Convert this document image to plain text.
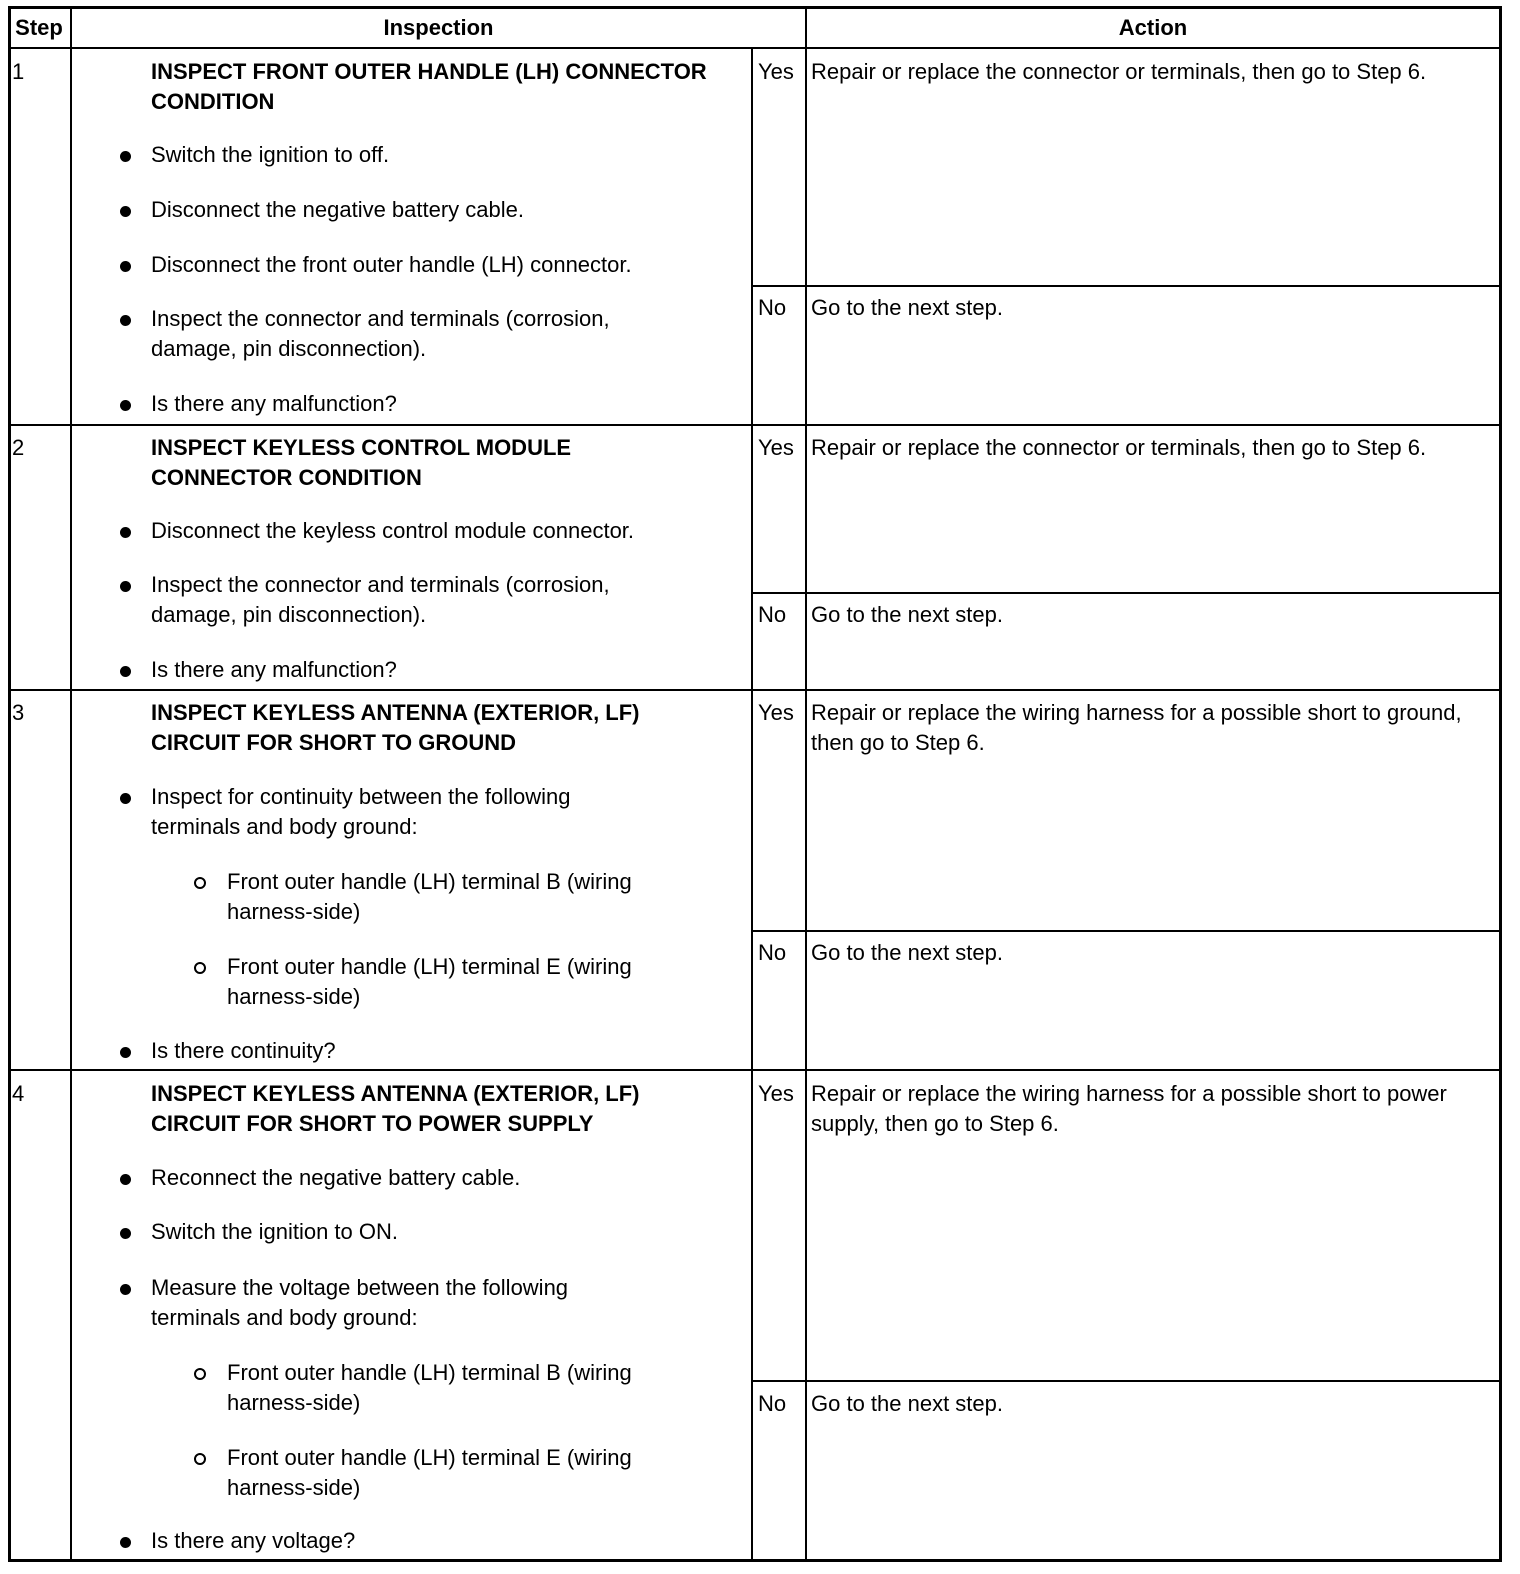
Step	Inspection	Action
1	INSPECT FRONT OUTER HANDLE (LH) CONNECTOR CONDITION
Switch the ignition to off.
Disconnect the negative battery cable.
Disconnect the front outer handle (LH) connector.
Inspect the connector and terminals (corrosion, damage, pin disconnection).
Is there any malfunction?
Yes Repair or replace the connector or terminals, then go to Step 6.
No Go to the next step.
2	INSPECT KEYLESS CONTROL MODULE CONNECTOR CONDITION
Disconnect the keyless control module connector.
Inspect the connector and terminals (corrosion, damage, pin disconnection).
Is there any malfunction?
Yes Repair or replace the connector or terminals, then go to Step 6.
No Go to the next step.
3	INSPECT KEYLESS ANTENNA (EXTERIOR, LF) CIRCUIT FOR SHORT TO GROUND
Inspect for continuity between the following terminals and body ground:
Front outer handle (LH) terminal B (wiring harness-side)
Front outer handle (LH) terminal E (wiring harness-side)
Is there continuity?
Yes Repair or replace the wiring harness for a possible short to ground, then go to Step 6.
No Go to the next step.
4	INSPECT KEYLESS ANTENNA (EXTERIOR, LF) CIRCUIT FOR SHORT TO POWER SUPPLY
Reconnect the negative battery cable.
Switch the ignition to ON.
Measure the voltage between the following terminals and body ground:
Front outer handle (LH) terminal B (wiring harness-side)
Front outer handle (LH) terminal E (wiring harness-side)
Is there any voltage?
Yes Repair or replace the wiring harness for a possible short to power supply, then go to Step 6.
No Go to the next step.
